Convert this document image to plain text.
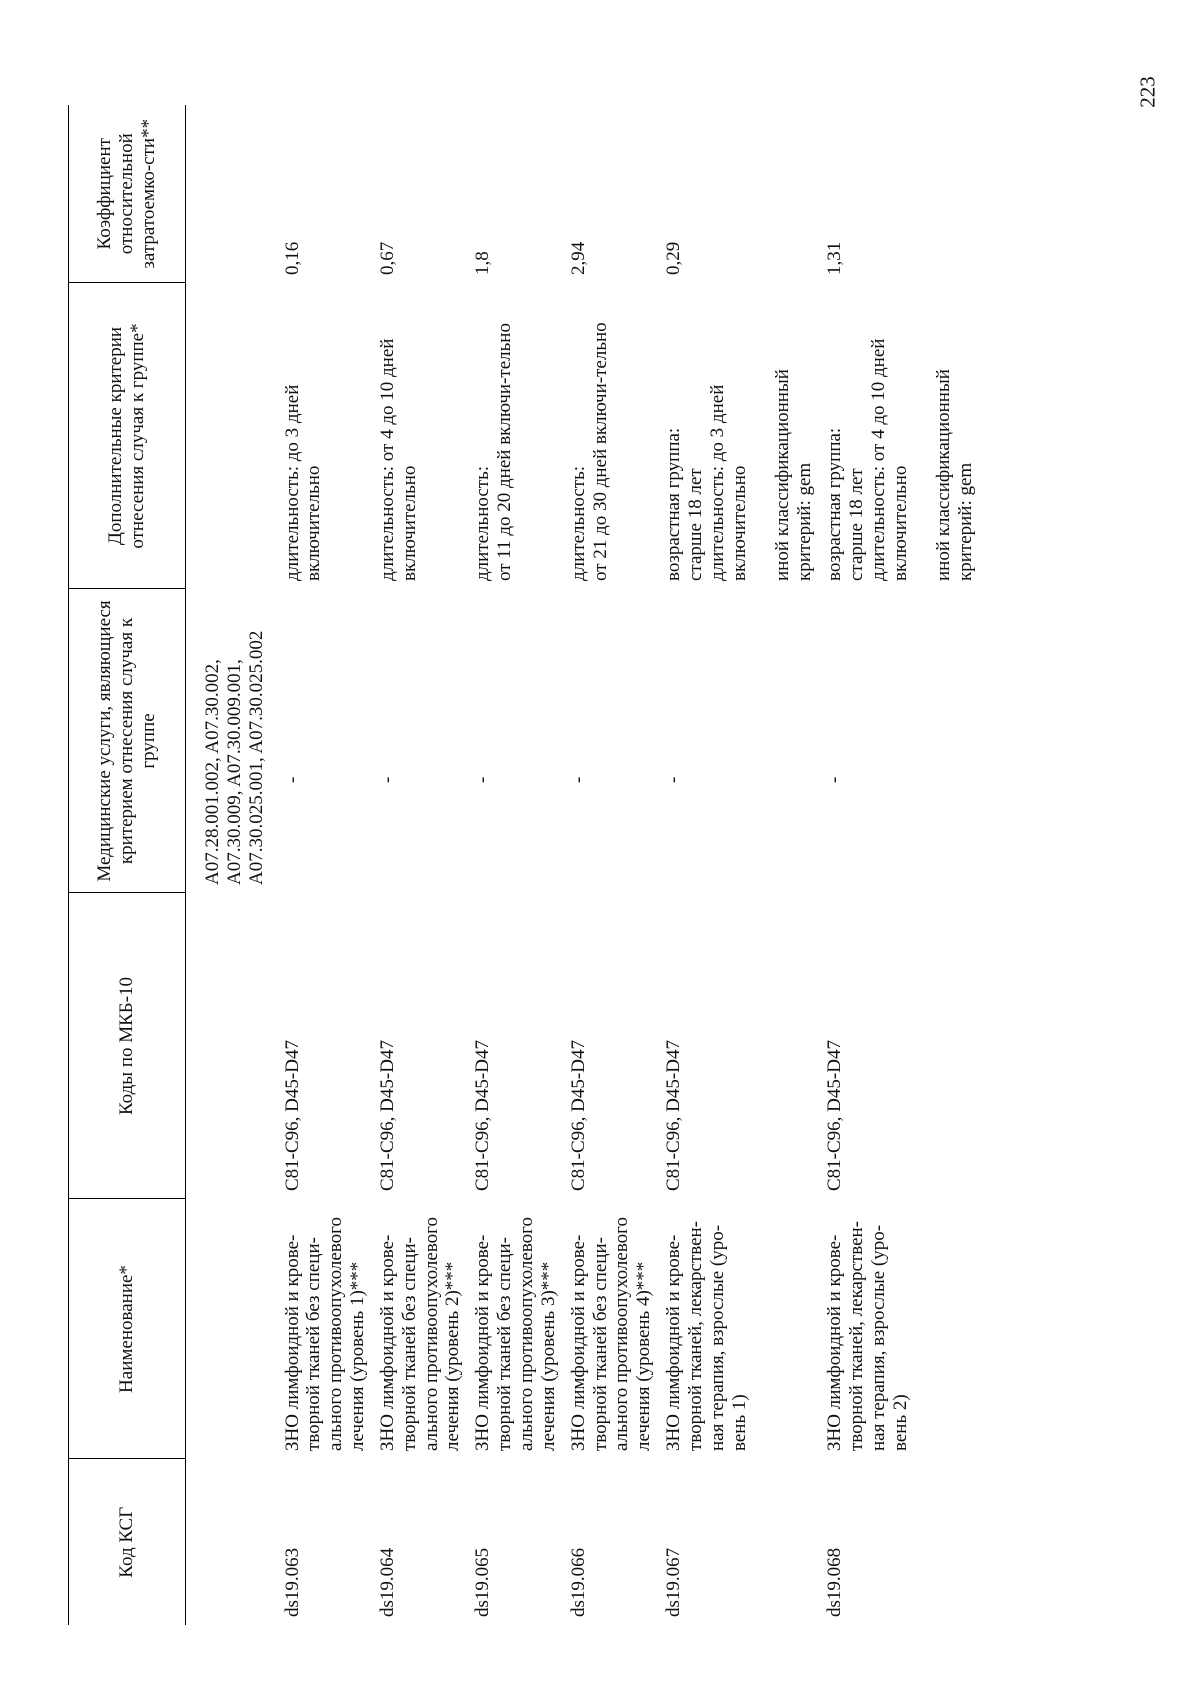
223
Код КСГ	Наименование*	Коды по МКБ-10	Медицинские услуги, являющиеся критерием отнесения случая к группе	Дополнительные критерии отнесения случая к группе*	Коэффициент относительной затратоемко-сти**
			A07.28.001.002, A07.30.002, A07.30.009, A07.30.009.001, A07.30.025.001, A07.30.025.002		
ds19.063	ЗНО лимфоидной и крове-творной тканей без специ-ального противоопухолевого лечения (уровень 1)***	C81-C96, D45-D47	-	длительность: до 3 дней включительно	0,16
ds19.064	ЗНО лимфоидной и крове-творной тканей без специ-ального противоопухолевого лечения (уровень 2)***	C81-C96, D45-D47	-	длительность: от 4 до 10 дней включительно	0,67
ds19.065	ЗНО лимфоидной и крове-творной тканей без специ-ального противоопухолевого лечения (уровень 3)***	C81-C96, D45-D47	-	длительность: от 11 до 20 дней включи-тельно	1,8
ds19.066	ЗНО лимфоидной и крове-творной тканей без специ-ального противоопухолевого лечения (уровень 4)***	C81-C96, D45-D47	-	длительность: от 21 до 30 дней включи-тельно	2,94
ds19.067	ЗНО лимфоидной и крове-творной тканей, лекарствен-ная терапия, взрослые (уро-вень 1)	C81-C96, D45-D47	-	возрастная группа: старше 18 лет длительность: до 3 дней включительно иной классификационный критерий: gem	0,29
ds19.068	ЗНО лимфоидной и крове-творной тканей, лекарствен-ная терапия, взрослые (уро-вень 2)	C81-C96, D45-D47	-	возрастная группа: старше 18 лет длительность: от 4 до 10 дней включительно иной классификационный критерий: gem	1,31
